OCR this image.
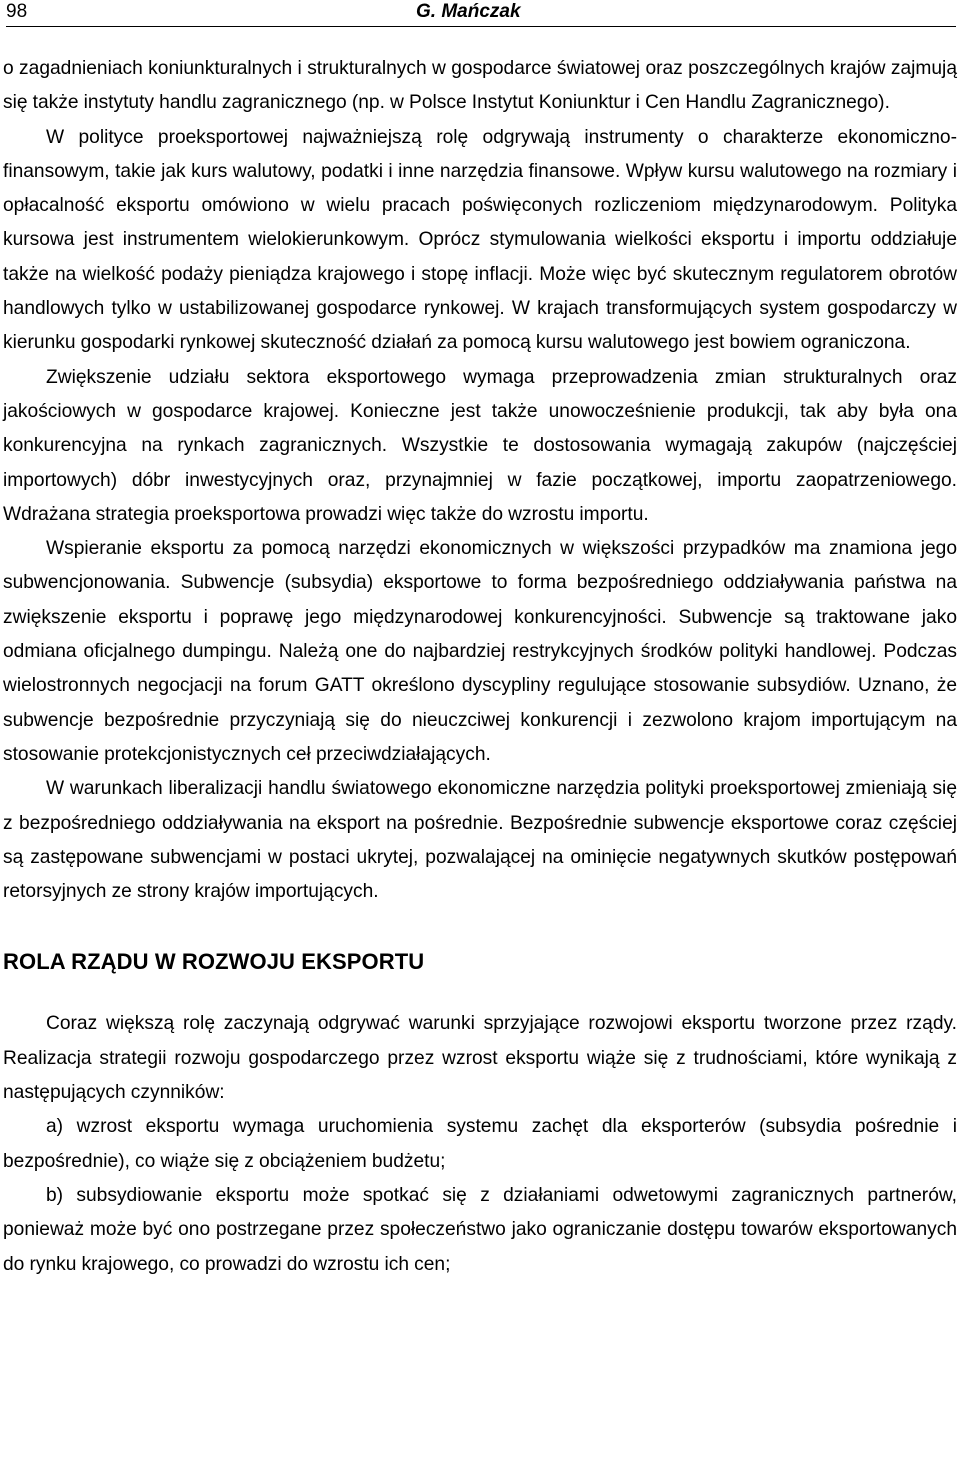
98	G. Mańczak

o zagadnieniach koniunkturalnych i strukturalnych w gospodarce światowej oraz poszczególnych krajów zajmują się także instytuty handlu zagranicznego (np. w Polsce Instytut Koniunktur i Cen Handlu Zagranicznego).

W polityce proeksportowej najważniejszą rolę odgrywają instrumenty o charakterze ekonomiczno-finansowym, takie jak kurs walutowy, podatki i inne narzędzia finansowe. Wpływ kursu walutowego na rozmiary i opłacalność eksportu omówiono w wielu pracach poświęconych rozliczeniom międzynarodowym. Polityka kursowa jest instrumentem wielokierunkowym. Oprócz stymulowania wielkości eksportu i importu oddziałuje także na wielkość podaży pieniądza krajowego i stopę inflacji. Może więc być skutecznym regulatorem obrotów handlowych tylko w ustabilizowanej gospodarce rynkowej. W krajach transformujących system gospodarczy w kierunku gospodarki rynkowej skuteczność działań za pomocą kursu walutowego jest bowiem ograniczona.

Zwiększenie udziału sektora eksportowego wymaga przeprowadzenia zmian strukturalnych oraz jakościowych w gospodarce krajowej. Konieczne jest także unowocześnienie produkcji, tak aby była ona konkurencyjna na rynkach zagranicznych. Wszystkie te dostosowania wymagają zakupów (najczęściej importowych) dóbr inwestycyjnych oraz, przynajmniej w fazie początkowej, importu zaopatrzeniowego. Wdrażana strategia proeksportowa prowadzi więc także do wzrostu importu.

Wspieranie eksportu za pomocą narzędzi ekonomicznych w większości przypadków ma znamiona jego subwencjonowania. Subwencje (subsydia) eksportowe to forma bezpośredniego oddziaływania państwa na zwiększenie eksportu i poprawę jego międzynarodowej konkurencyjności. Subwencje są traktowane jako odmiana oficjalnego dumpingu. Należą one do najbardziej restrykcyjnych środków polityki handlowej. Podczas wielostronnych negocjacji na forum GATT określono dyscypliny regulujące stosowanie subsydiów. Uznano, że subwencje bezpośrednie przyczyniają się do nieuczciwej konkurencji i zezwolono krajom importującym na stosowanie protekcjonistycznych ceł przeciwdziałających.

W warunkach liberalizacji handlu światowego ekonomiczne narzędzia polityki proeksportowej zmieniają się z bezpośredniego oddziaływania na eksport na pośrednie. Bezpośrednie subwencje eksportowe coraz częściej są zastępowane subwencjami w postaci ukrytej, pozwalającej na ominięcie negatywnych skutków postępowań retorsyjnych ze strony krajów importujących.

ROLA RZĄDU W ROZWOJU EKSPORTU

Coraz większą rolę zaczynają odgrywać warunki sprzyjające rozwojowi eksportu tworzone przez rządy. Realizacja strategii rozwoju gospodarczego przez wzrost eksportu wiąże się z trudnościami, które wynikają z następujących czynników:

a) wzrost eksportu wymaga uruchomienia systemu zachęt dla eksporterów (subsydia pośrednie i bezpośrednie), co wiąże się z obciążeniem budżetu;

b) subsydiowanie eksportu może spotkać się z działaniami odwetowymi zagranicznych partnerów, ponieważ może być ono postrzegane przez społeczeństwo jako ograniczanie dostępu towarów eksportowanych do rynku krajowego, co prowadzi do wzrostu ich cen;
